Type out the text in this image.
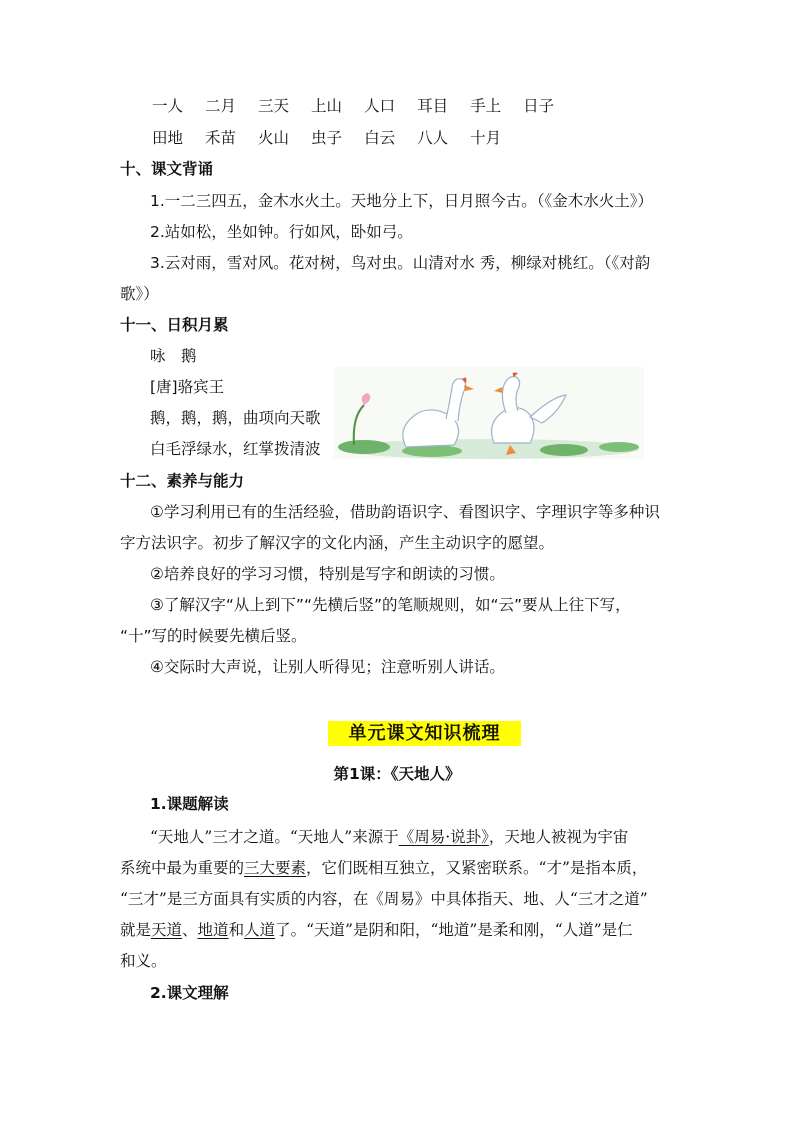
一人 二月 三天 上山 人口 耳目 手上 日子
田地 禾苗 火山 虫子 白云 八人 十月
十、课文背诵
1.一二三四五，金木水火土。天地分上下，日月照今古。（《金木水火土》）
2.站如松，坐如钟。行如风，卧如弓。
3.云对雨，雪对风。花对树，鸟对虫。山清对水 秀，柳绿对桃红。（《对韵
歌》）
十一、日积月累
咏　鹅
[唐]骆宾王
鹅，鹅，鹅，曲项向天歌
白毛浮绿水，红掌拨清波
十二、素养与能力
①学习利用已有的生活经验，借助韵语识字、看图识字、字理识字等多种识
字方法识字。初步了解汉字的文化内涵，产生主动识字的愿望。
②培养良好的学习习惯，特别是写字和朗读的习惯。
③了解汉字“从上到下”“先横后竖”的笔顺规则，如“云”要从上往下写，
“十”写的时候要先横后竖。
④交际时大声说，让别人听得见；注意听别人讲话。
单元课文知识梳理
第1课：《天地人》
1.课题解读
“天地人”三才之道。“天地人”来源于《周易·说卦》，天地人被视为宇宙
系统中最为重要的三大要素，它们既相互独立，又紧密联系。“才”是指本质，
“三才”是三方面具有实质的内容，在《周易》中具体指天、地、人“三才之道”
就是天道、地道和人道了。“天道”是阴和阳，“地道”是柔和刚，“人道”是仁
和义。
2.课文理解
